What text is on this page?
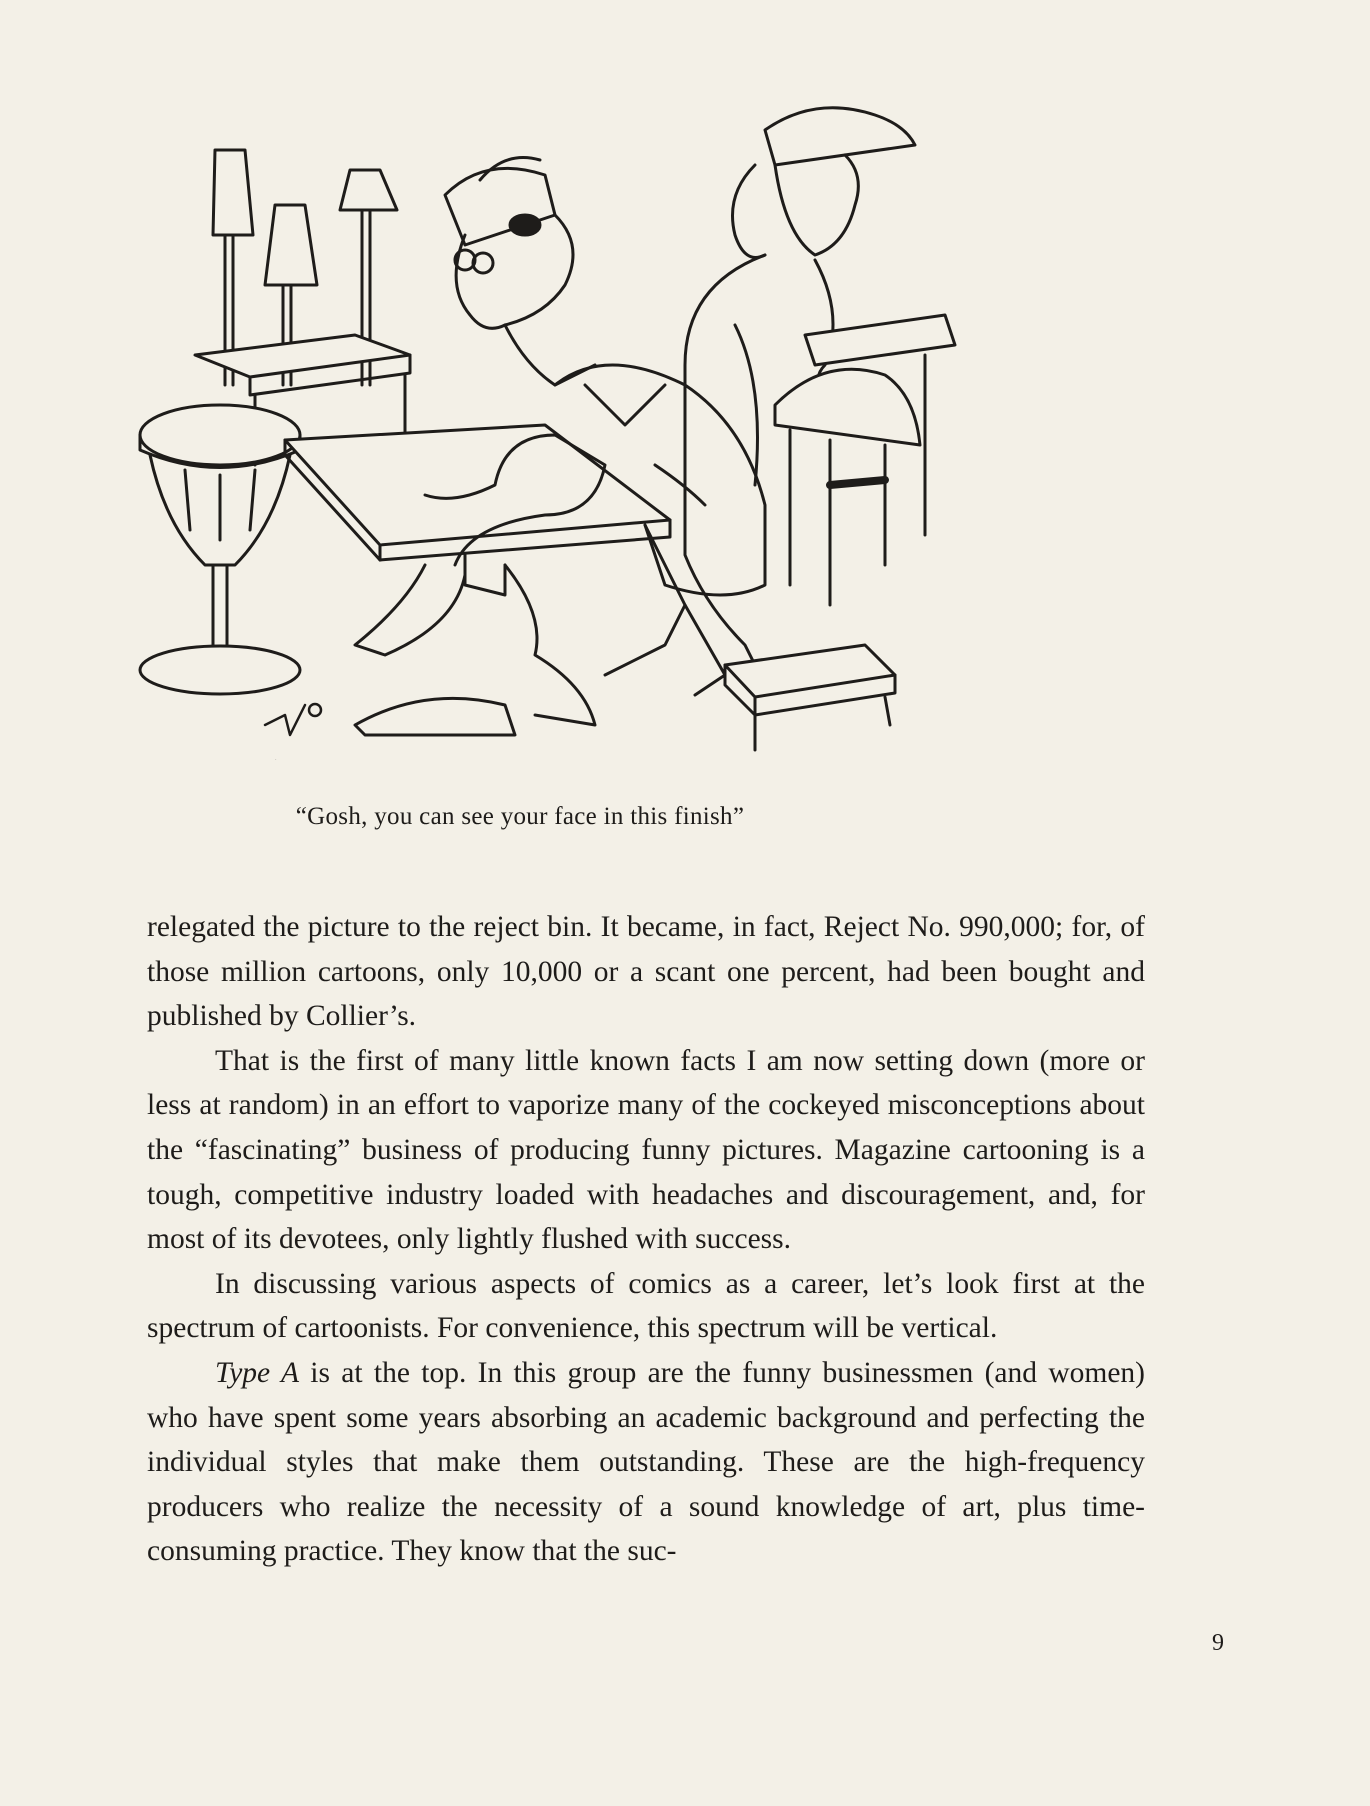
JIP
“Gosh, you can see your face in this finish”

relegated the picture to the reject bin. It became, in fact, Reject No. 990,000; for, of those million cartoons, only 10,000 or a scant one percent, had been bought and published by Collier’s.

That is the first of many little known facts I am now setting down (more or less at random) in an effort to vaporize many of the cockeyed misconceptions about the “fascinating” business of producing funny pictures. Magazine cartooning is a tough, competitive industry loaded with headaches and discouragement, and, for most of its devotees, only lightly flushed with success.

In discussing various aspects of comics as a career, let’s look first at the spectrum of cartoonists. For convenience, this spectrum will be vertical.

Type A is at the top. In this group are the funny businessmen (and women) who have spent some years absorbing an academic background and perfecting the individual styles that make them outstanding. These are the high-frequency producers who realize the necessity of a sound knowledge of art, plus time-consuming practice. They know that the suc-

9
